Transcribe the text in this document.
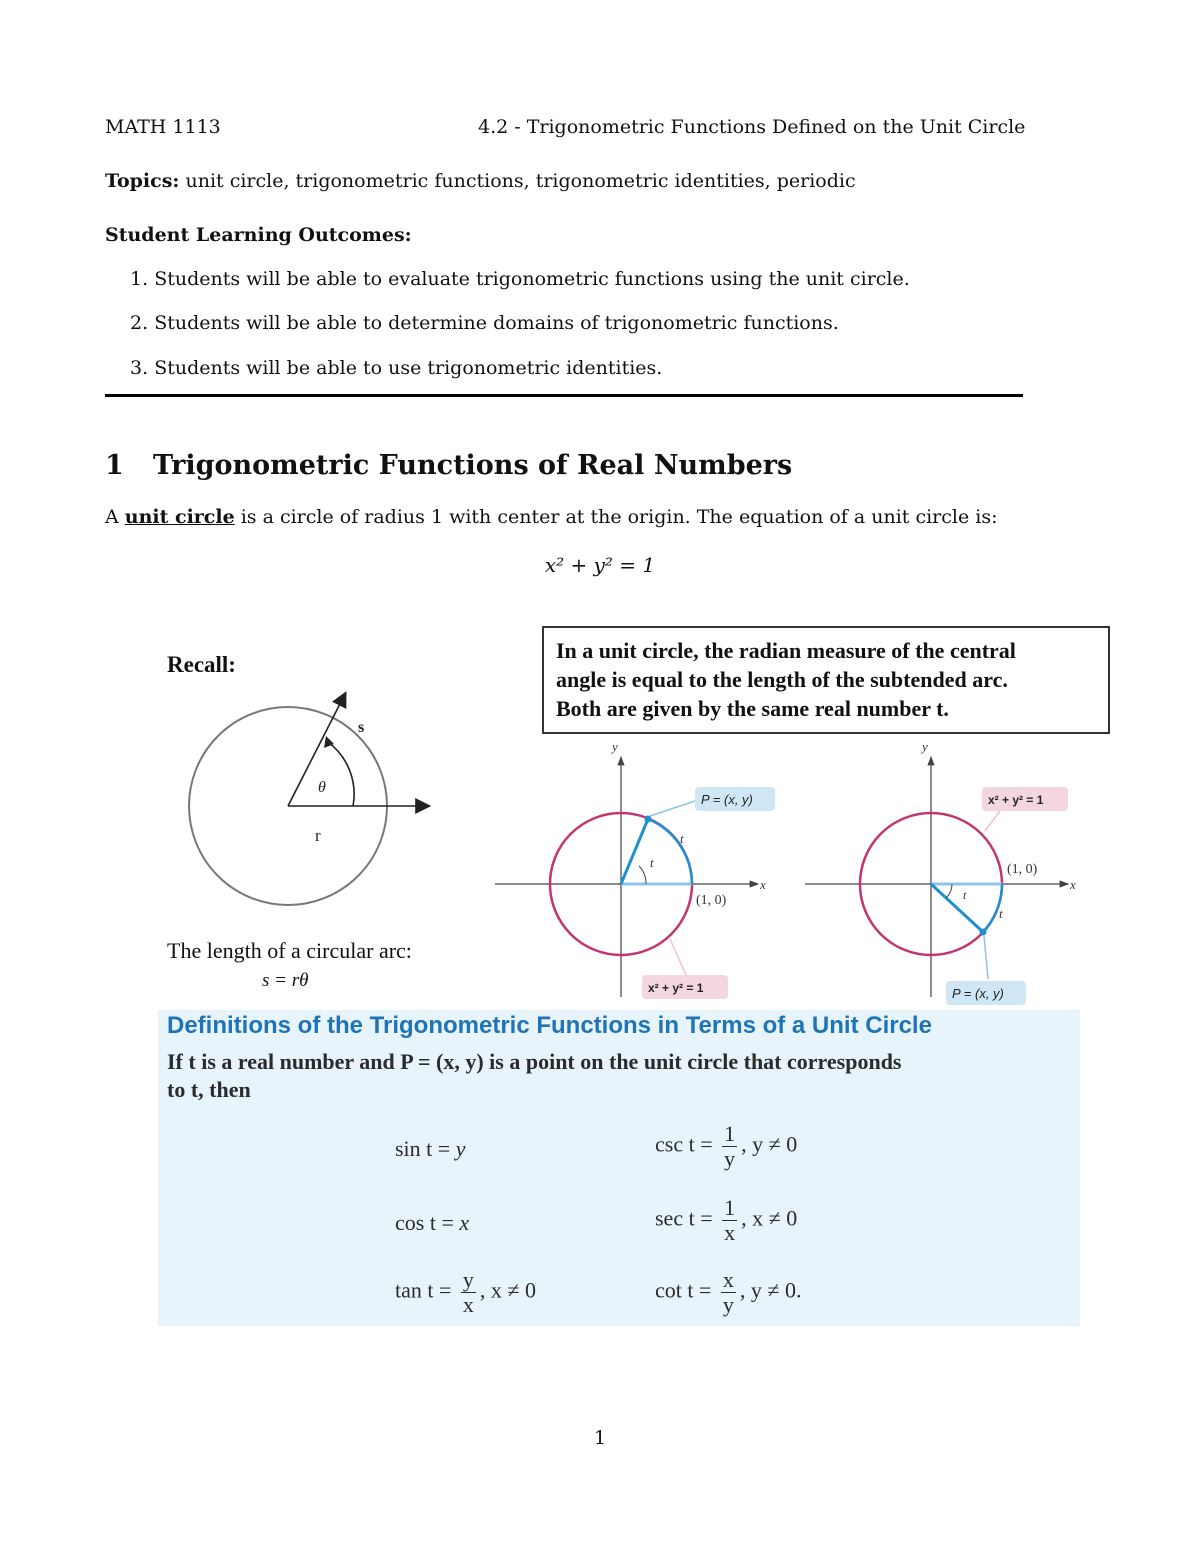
MATH 1113	4.2 - Trigonometric Functions Defined on the Unit Circle
Topics: unit circle, trigonometric functions, trigonometric identities, periodic
Student Learning Outcomes:
1. Students will be able to evaluate trigonometric functions using the unit circle.
2. Students will be able to determine domains of trigonometric functions.
3. Students will be able to use trigonometric identities.
1 Trigonometric Functions of Real Numbers
A unit circle is a circle of radius 1 with center at the origin. The equation of a unit circle is:
x² + y² = 1
Recall:
θ
s
r
The length of a circular arc:
s = rθ
In a unit circle, the radian measure of the central
angle is equal to the length of the subtended arc.
Both are given by the same real number t.
y
x
P = (x, y)
t
t
(1, 0)
x² + y² = 1
y
x
x² + y² = 1
(1, 0)
t
t
P = (x, y)
Definitions of the Trigonometric Functions in Terms of a Unit Circle
If t is a real number and P = (x, y) is a point on the unit circle that corresponds
to t, then
sin t = y
cos t = x
$\tan t = \frac{y}{x}$ , x ≠ 0
$\csc t = \frac{1}{y}$ , y ≠ 0
$\sec t = \frac{1}{x}$ , x ≠ 0
$\cot t = \frac{x}{y}$ , y ≠ 0.
1
